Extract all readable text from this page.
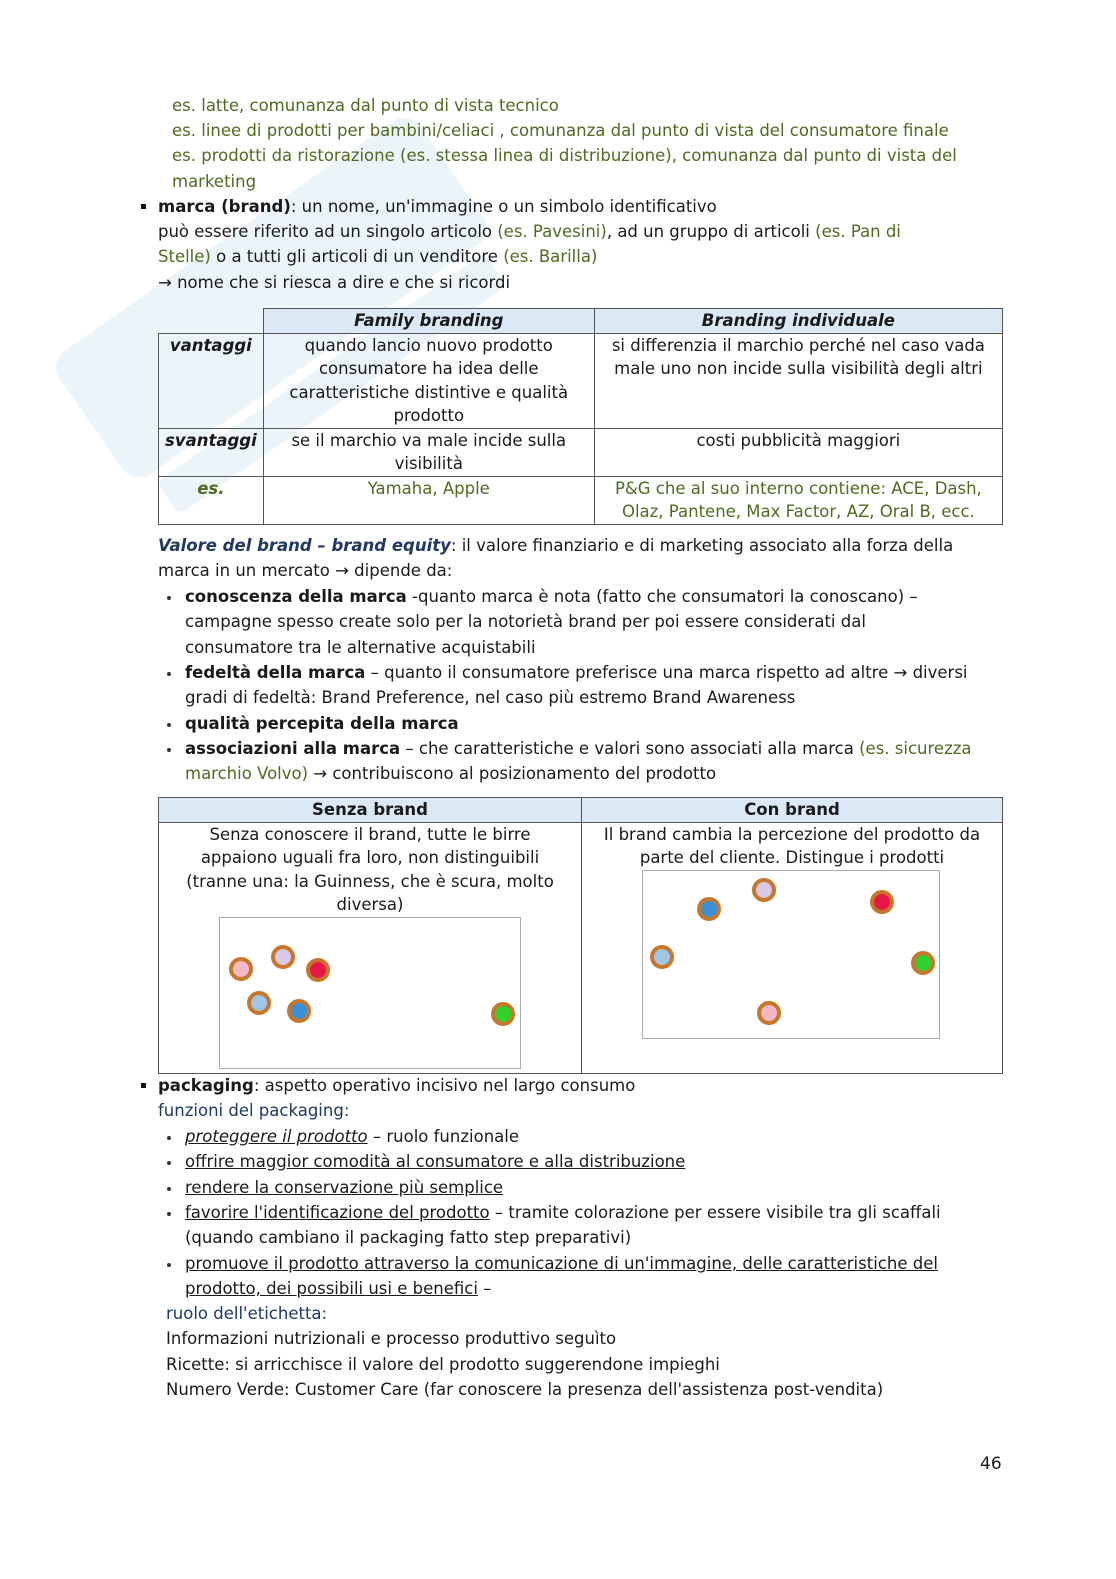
es. latte, comunanza dal punto di vista tecnico
es. linee di prodotti per bambini/celiaci , comunanza dal punto di vista del consumatore finale
es. prodotti da ristorazione (es. stessa linea di distribuzione), comunanza dal punto di vista del
marketing
marca (brand): un nome, un'immagine o un simbolo identificativo
può essere riferito ad un singolo articolo (es. Pavesini), ad un gruppo di articoli (es. Pan di
Stelle) o a tutti gli articoli di un venditore (es. Barilla)
→ nome che si riesca a dire e che si ricordi
	Family branding	Branding individuale
vantaggi	quando lancio nuovo prodotto consumatore ha idea delle caratteristiche distintive e qualità prodotto	si differenzia il marchio perché nel caso vada male uno non incide sulla visibilità degli altri
svantaggi	se il marchio va male incide sulla visibilità	costi pubblicità maggiori
es.	Yamaha, Apple	P&G che al suo interno contiene: ACE, Dash, Olaz, Pantene, Max Factor, AZ, Oral B, ecc.
Valore del brand – brand equity: il valore finanziario e di marketing associato alla forza della
marca in un mercato → dipende da:
conoscenza della marca -quanto marca è nota (fatto che consumatori la conoscano) –
campagne spesso create solo per la notorietà brand per poi essere considerati dal
consumatore tra le alternative acquistabili
fedeltà della marca – quanto il consumatore preferisce una marca rispetto ad altre → diversi
gradi di fedeltà: Brand Preference, nel caso più estremo Brand Awareness
qualità percepita della marca
associazioni alla marca – che caratteristiche e valori sono associati alla marca (es. sicurezza
marchio Volvo) → contribuiscono al posizionamento del prodotto
Senza brand	Con brand

Senza conoscere il brand, tutte le birre appaiono uguali fra loro, non distinguibili (tranne una: la Guinness, che è scura, molto diversa)	Il brand cambia la percezione del prodotto da parte del cliente. Distingue i prodotti
packaging: aspetto operativo incisivo nel largo consumo
funzioni del packaging:
proteggere il prodotto – ruolo funzionale
offrire maggior comodità al consumatore e alla distribuzione
rendere la conservazione più semplice
favorire l'identificazione del prodotto – tramite colorazione per essere visibile tra gli scaffali
(quando cambiano il packaging fatto step preparativi)
promuove il prodotto attraverso la comunicazione di un'immagine, delle caratteristiche del
prodotto, dei possibili usi e benefici –
ruolo dell'etichetta:
Informazioni nutrizionali e processo produttivo seguìto
Ricette: si arricchisce il valore del prodotto suggerendone impieghi
Numero Verde: Customer Care (far conoscere la presenza dell'assistenza post-vendita)
46
